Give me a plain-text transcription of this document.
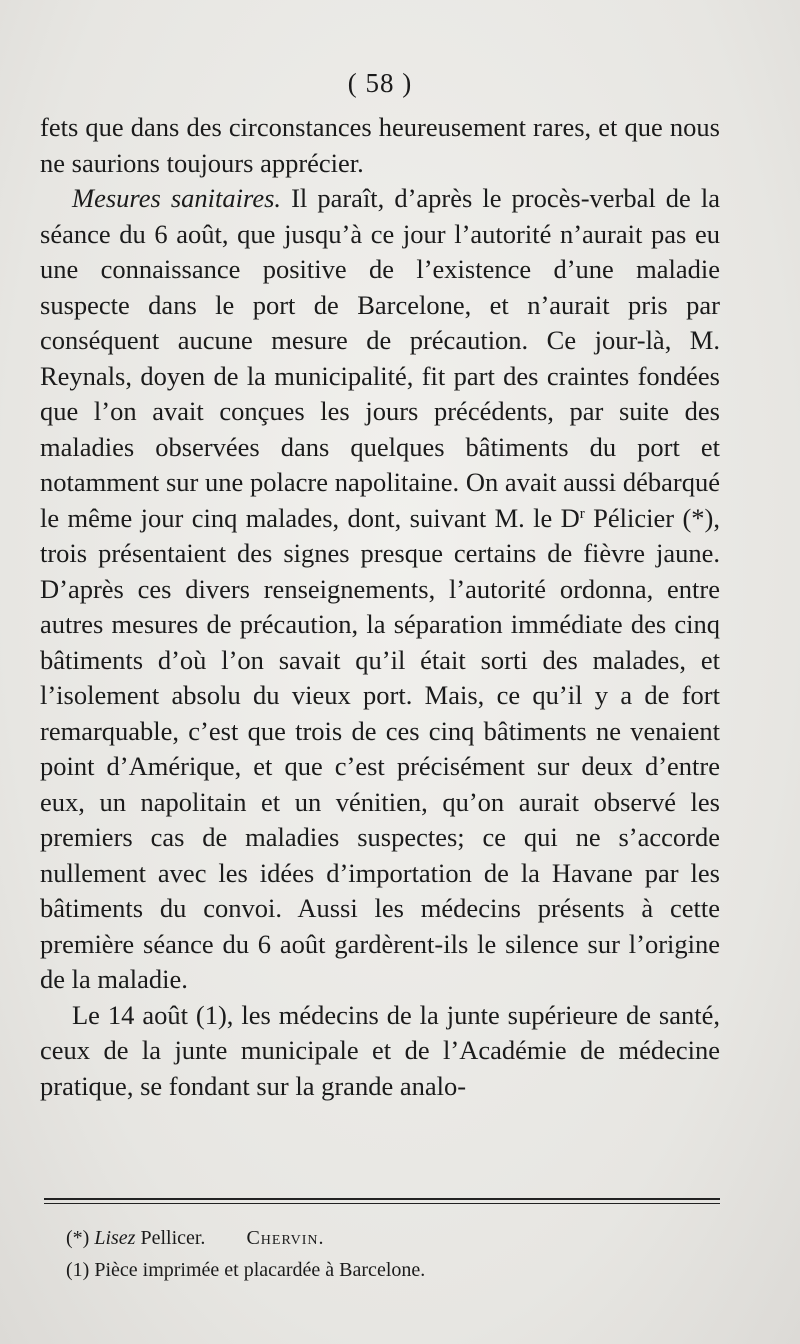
( 58 )

fets que dans des circonstances heureusement rares, et que nous ne saurions toujours apprécier.

Mesures sanitaires. Il paraît, d’après le procès-verbal de la séance du 6 août, que jusqu’à ce jour l’autorité n’aurait pas eu une connaissance positive de l’existence d’une maladie suspecte dans le port de Barcelone, et n’aurait pris par conséquent aucune mesure de précaution. Ce jour-là, M. Reynals, doyen de la municipalité, fit part des craintes fondées que l’on avait conçues les jours précédents, par suite des maladies observées dans quelques bâtiments du port et notamment sur une polacre napolitaine. On avait aussi débarqué le même jour cinq malades, dont, suivant M. le $D^r$ Pélicier (*), trois présentaient des signes presque certains de fièvre jaune. D’après ces divers renseignements, l’autorité ordonna, entre autres mesures de précaution, la séparation immédiate des cinq bâtiments d’où l’on savait qu’il était sorti des malades, et l’isolement absolu du vieux port. Mais, ce qu’il y a de fort remarquable, c’est que trois de ces cinq bâtiments ne venaient point d’Amérique, et que c’est précisément sur deux d’entre eux, un napolitain et un vénitien, qu’on aurait observé les premiers cas de maladies suspectes; ce qui ne s’accorde nullement avec les idées d’importation de la Havane par les bâtiments du convoi. Aussi les médecins présents à cette première séance du 6 août gardèrent-ils le silence sur l’origine de la maladie.

Le 14 août (1), les médecins de la junte supérieure de santé, ceux de la junte municipale et de l’Académie de médecine pratique, se fondant sur la grande analo-

(*) Lisez Pellicer. Chervin.
(1) Pièce imprimée et placardée à Barcelone.
